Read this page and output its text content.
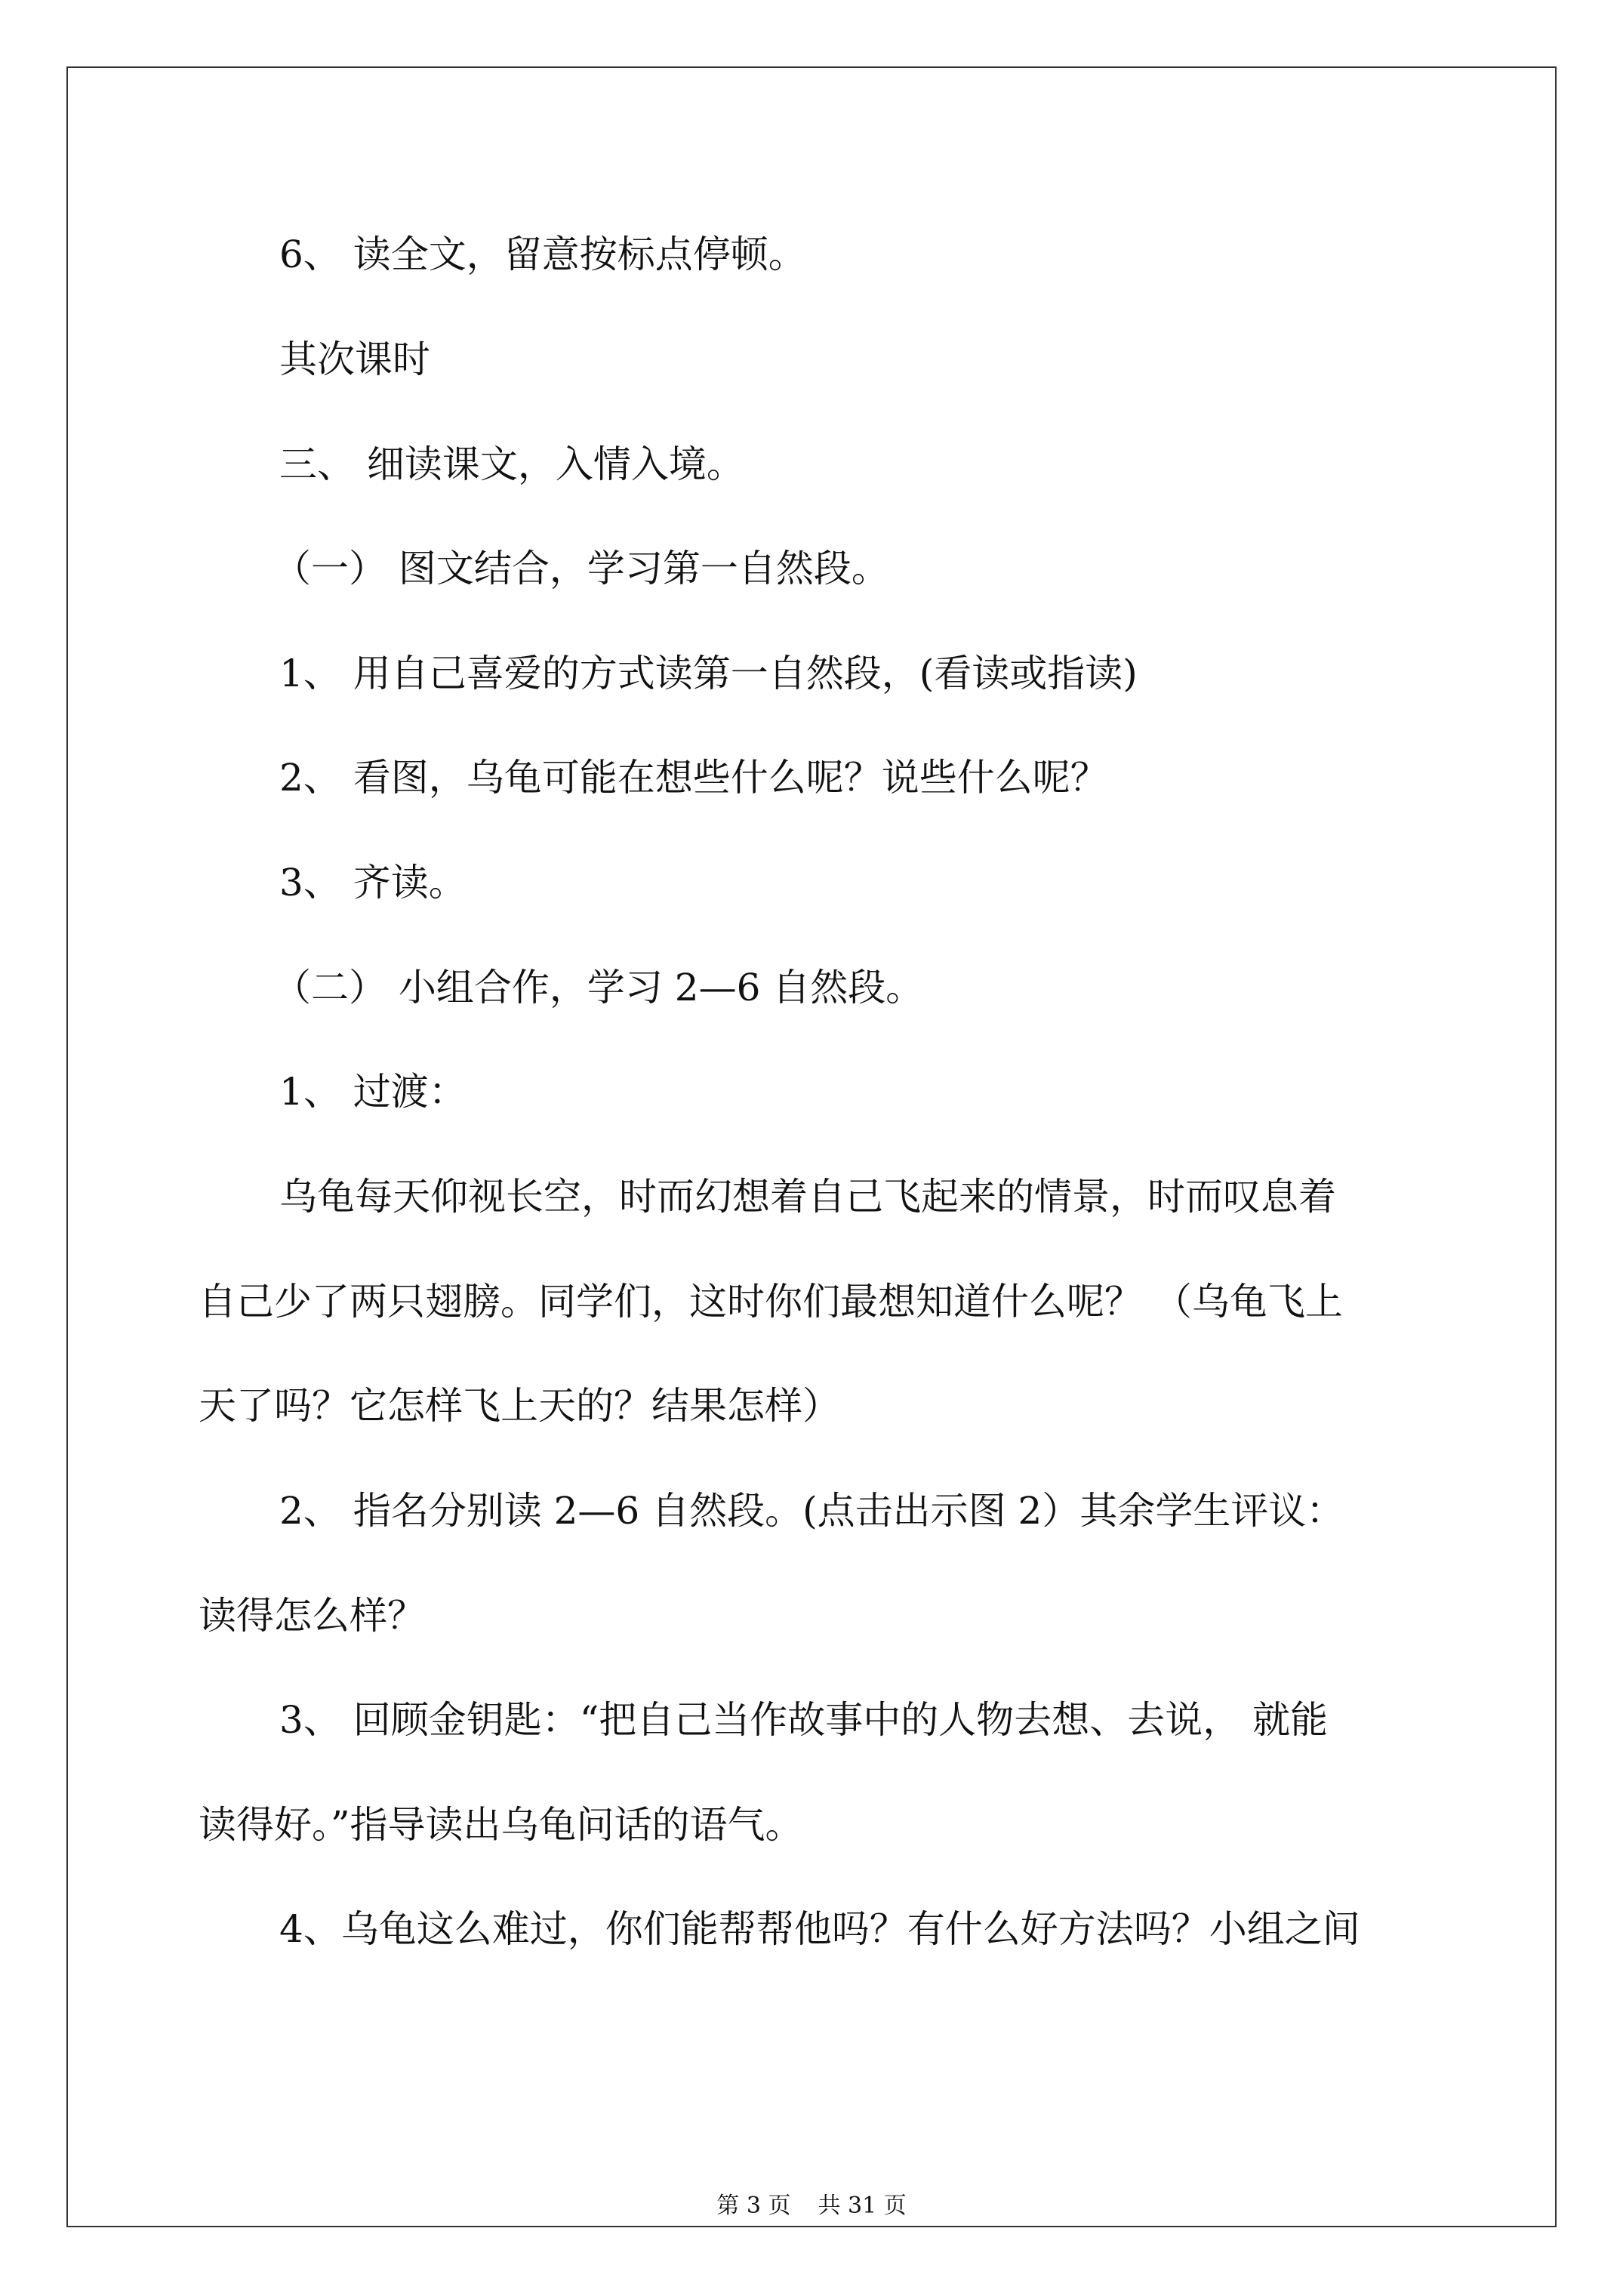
6、 读全文，留意按标点停顿。
其次课时
三、 细读课文，入情入境。
（一） 图文结合，学习第一自然段。
1、 用自己喜爱的方式读第一自然段，(看读或指读)
2、 看图，乌龟可能在想些什么呢？说些什么呢？
3、 齐读。
（二） 小组合作，学习 2—6 自然段。
1、 过渡：
乌龟每天仰视长空，时而幻想着自己飞起来的情景，时而叹息着
自己少了两只翅膀。同学们，这时你们最想知道什么呢？ （乌龟飞上
天了吗？它怎样飞上天的？结果怎样）
2、 指名分别读 2—6 自然段。(点击出示图 2）其余学生评议：
读得怎么样？
3、 回顾金钥匙：“把自己当作故事中的人物去想、去说， 就能
读得好。”指导读出乌龟问话的语气。
4、乌龟这么难过，你们能帮帮他吗？有什么好方法吗？小组之间
第 3 页 共 31 页
